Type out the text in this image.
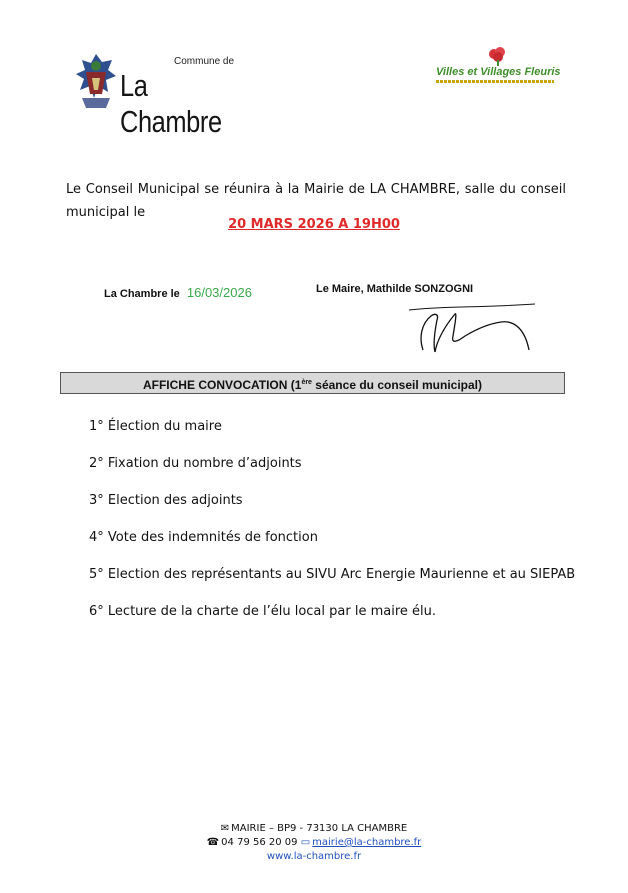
Commune de
La Chambre
Villes et Villages Fleuris
Le Conseil Municipal se réunira à la Mairie de LA CHAMBRE, salle du conseil municipal le
20 MARS 2026 A 19H00
La Chambre le 16/03/2026	Le Maire, Mathilde SONZOGNI
AFFICHE CONVOCATION (1ère séance du conseil municipal)
1° Élection du maire
2° Fixation du nombre d’adjoints
3° Election des adjoints
4° Vote des indemnités de fonction
5° Election des représentants au SIVU Arc Energie Maurienne et au SIEPAB
6° Lecture de la charte de l’élu local par le maire élu.
✉ MAIRIE – BP9 - 73130 LA CHAMBRE
☎ 04 79 56 20 09 ▭ mairie@la-chambre.fr
www.la-chambre.fr
